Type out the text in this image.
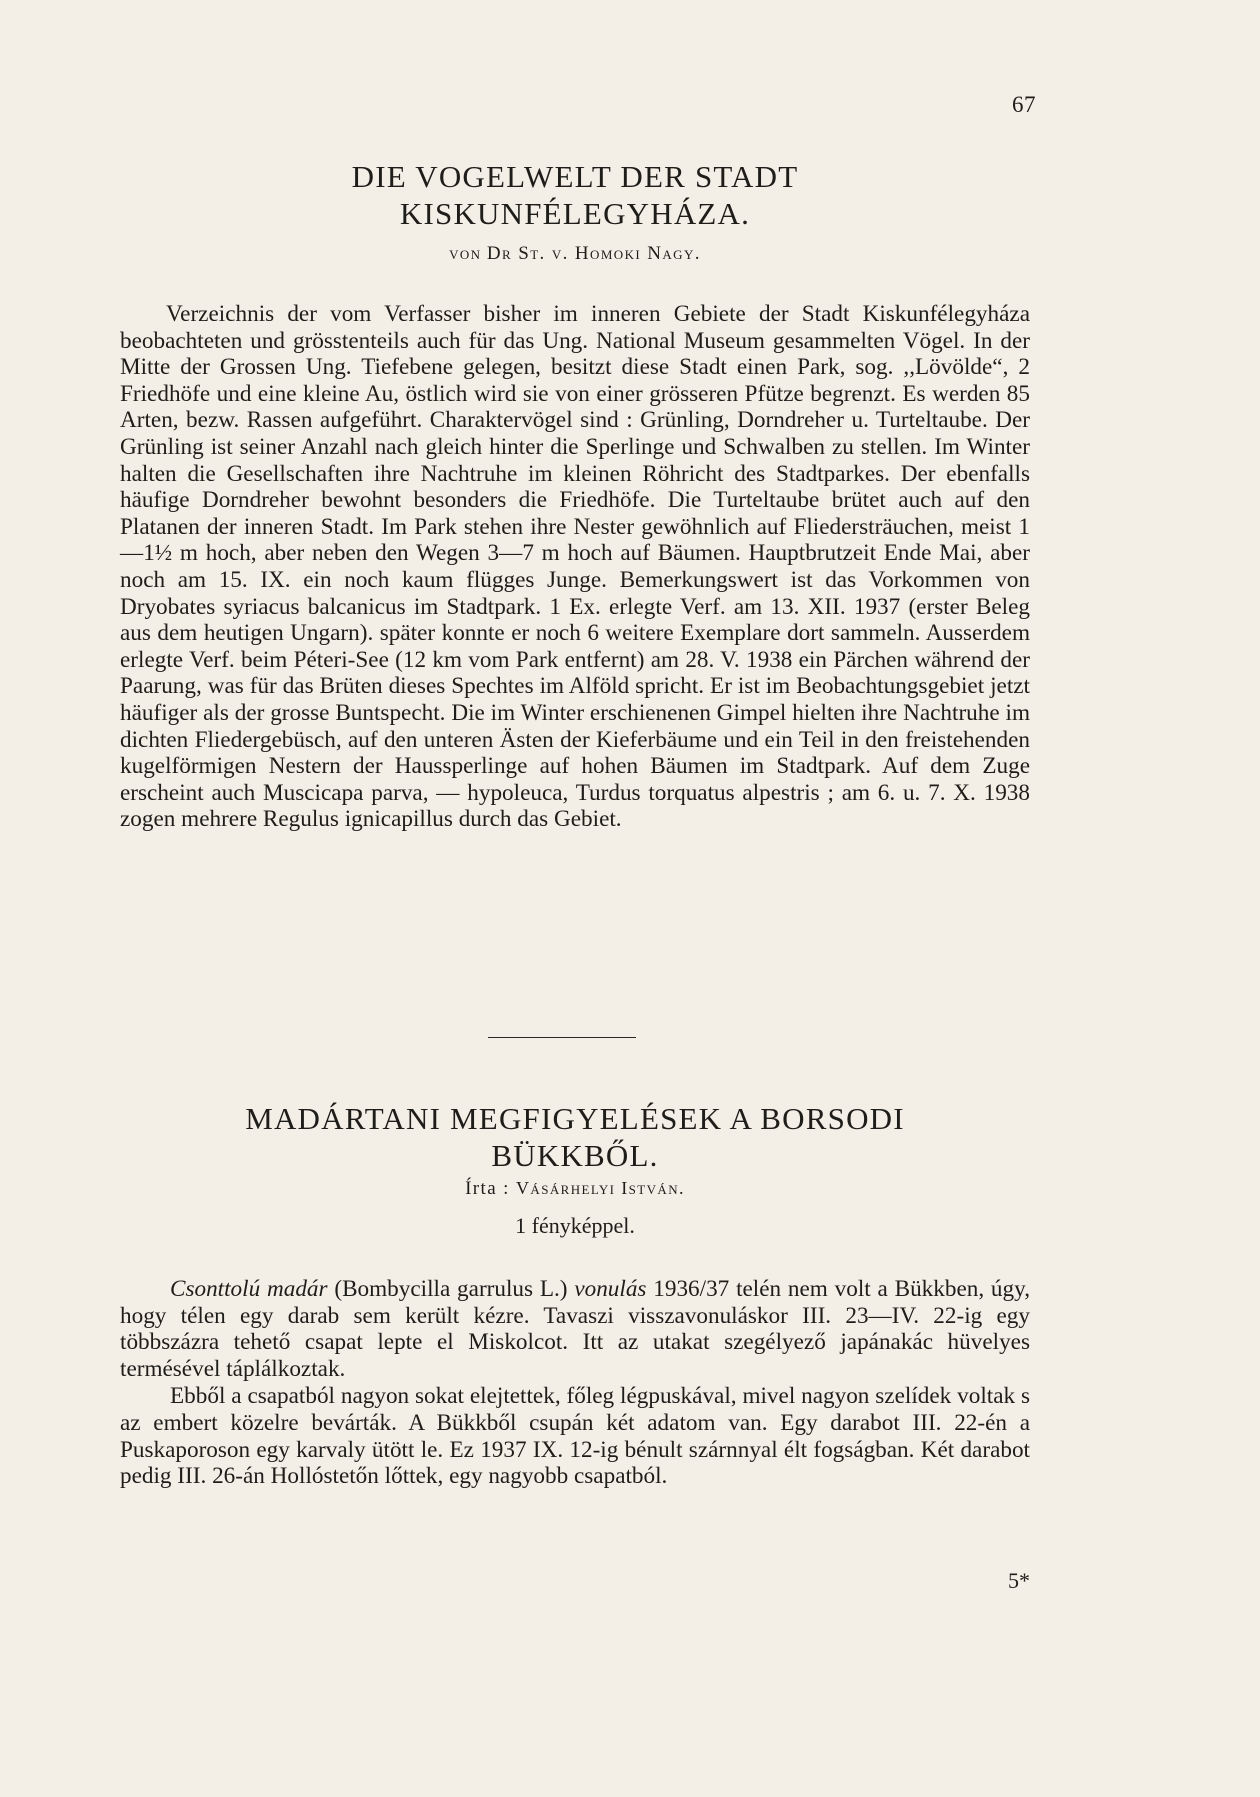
67
DIE VOGELWELT DER STADT
KISKUNFÉLEGYHÁZA.

von Dr St. v. Homoki Nagy.

Verzeichnis der vom Verfasser bisher im inneren Gebiete der Stadt Kiskunfélegyháza beobachteten und grösstenteils auch für das Ung. National Museum gesammelten Vögel. In der Mitte der Grossen Ung. Tiefebene gelegen, besitzt diese Stadt einen Park, sog. ,,Lövölde“, 2 Friedhöfe und eine kleine Au, östlich wird sie von einer grösseren Pfütze begrenzt. Es werden 85 Arten, bezw. Rassen aufgeführt. Charaktervögel sind : Grünling, Dorndreher u. Turteltaube. Der Grünling ist seiner Anzahl nach gleich hinter die Sperlinge und Schwalben zu stellen. Im Winter halten die Gesellschaften ihre Nachtruhe im kleinen Röhricht des Stadtparkes. Der ebenfalls häufige Dorndreher bewohnt besonders die Friedhöfe. Die Turteltaube brütet auch auf den Platanen der inneren Stadt. Im Park stehen ihre Nester gewöhnlich auf Fliedersträuchen, meist 1—1½ m hoch, aber neben den Wegen 3—7 m hoch auf Bäumen. Hauptbrutzeit Ende Mai, aber noch am 15. IX. ein noch kaum flügges Junge. Bemerkungswert ist das Vorkommen von Dryobates syriacus balcanicus im Stadtpark. 1 Ex. erlegte Verf. am 13. XII. 1937 (erster Beleg aus dem heutigen Ungarn). später konnte er noch 6 weitere Exemplare dort sammeln. Ausserdem erlegte Verf. beim Péteri-See (12 km vom Park entfernt) am 28. V. 1938 ein Pärchen während der Paarung, was für das Brüten dieses Spechtes im Alföld spricht. Er ist im Beobachtungsgebiet jetzt häufiger als der grosse Buntspecht. Die im Winter erschienenen Gimpel hielten ihre Nachtruhe im dichten Fliedergebüsch, auf den unteren Ästen der Kieferbäume und ein Teil in den freistehenden kugelförmigen Nestern der Haussperlinge auf hohen Bäumen im Stadtpark. Auf dem Zuge erscheint auch Muscicapa parva, — hypoleuca, Turdus torquatus alpestris ; am 6. u. 7. X. 1938 zogen mehrere Regulus ignicapillus durch das Gebiet.

MADÁRTANI MEGFIGYELÉSEK A BORSODI
BÜKKBŐL.

Írta : Vásárhelyi István.

1 fényképpel.

Csonttolú madár (Bombycilla garrulus L.) vonulás 1936/37 telén nem volt a Bükkben, úgy, hogy télen egy darab sem került kézre. Tavaszi visszavonuláskor III. 23—IV. 22-ig egy többszázra tehető csapat lepte el Miskolcot. Itt az utakat szegélyező japánakác hüvelyes termésével táplálkoztak.

Ebből a csapatból nagyon sokat elejtettek, főleg légpuskával, mivel nagyon szelídek voltak s az embert közelre bevárták. A Bükkből csupán két adatom van. Egy darabot III. 22-én a Puskaporoson egy karvaly ütött le. Ez 1937 IX. 12-ig bénult szárnnyal élt fogságban. Két darabot pedig III. 26-án Hollóstetőn lőttek, egy nagyobb csapatból.

5*
